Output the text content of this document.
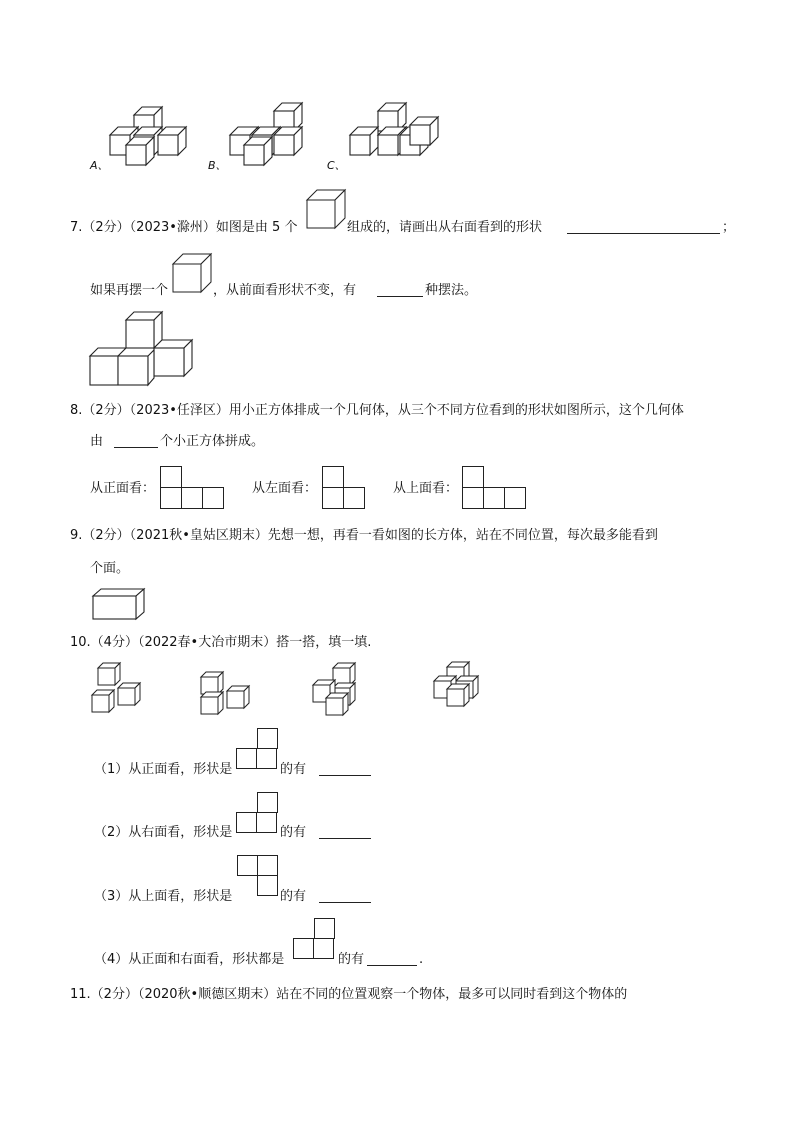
A、	B、	C、
7.（2分）（2023•滁州）如图是由 5 个	组成的，请画出从右面看到的形状	；
如果再摆一个	，从前面看形状不变，有	种摆法。
8.（2分）（2023•任泽区）用小正方体排成一个几何体，从三个不同方位看到的形状如图所示，这个几何体
由	个小正方体拼成。
从正面看：	从左面看：	从上面看：
9.（2分）（2021秋•皇姑区期末）先想一想，再看一看如图的长方体，站在不同位置，每次最多能看到
个面。
10.（4分）（2022春•大冶市期末）搭一搭，填一填.
（1）从正面看，形状是	的有
（2）从右面看，形状是	的有
（3）从上面看，形状是	的有
（4）从正面和右面看，形状都是	的有	.
11.（2分）（2020秋•顺德区期末）站在不同的位置观察一个物体，最多可以同时看到这个物体的
